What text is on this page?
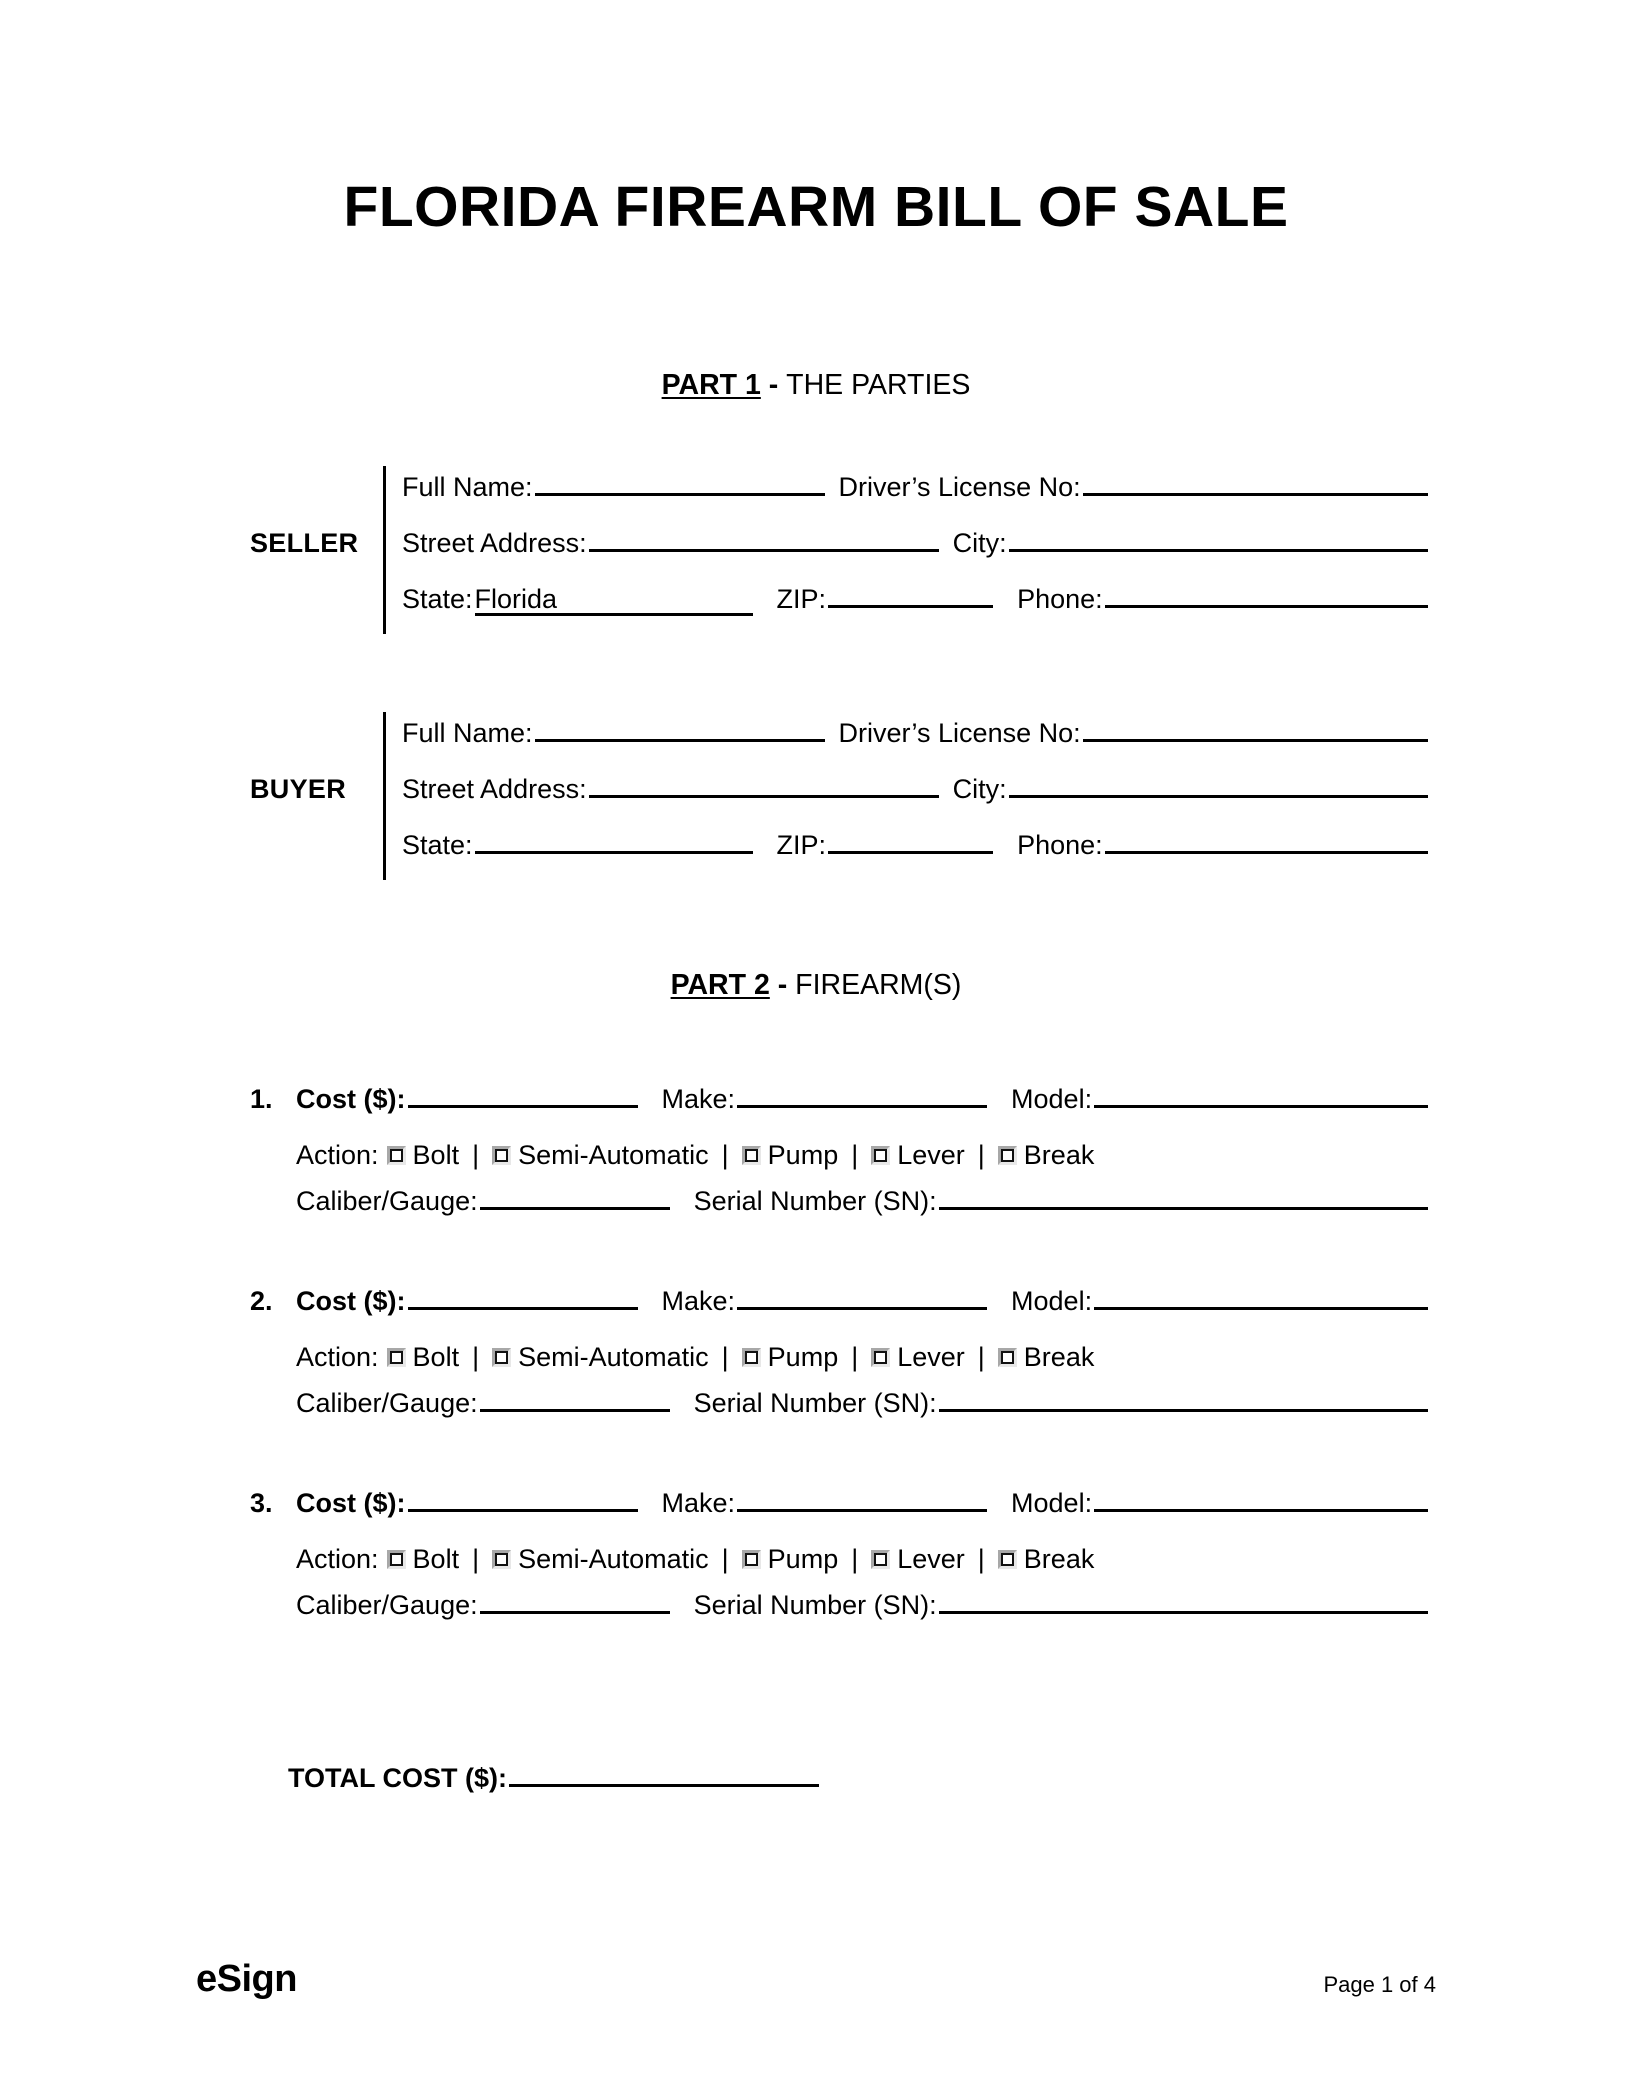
FLORIDA FIREARM BILL OF SALE
PART 1 - THE PARTIES
SELLER
Full Name:	Driver’s License No:
Street Address:	City:
State: Florida	ZIP:	Phone:
BUYER
Full Name:	Driver’s License No:
Street Address:	City:
State:	ZIP:	Phone:
PART 2 - FIREARM(S)
1. Cost ($):	Make:	Model:
Action: Bolt |	Semi-Automatic |	Pump |	Lever |	Break
Caliber/Gauge:	Serial Number (SN):
2. Cost ($):	Make:	Model:
Action: Bolt |	Semi-Automatic |	Pump |	Lever |	Break
Caliber/Gauge:	Serial Number (SN):
3. Cost ($):	Make:	Model:
Action: Bolt |	Semi-Automatic |	Pump |	Lever |	Break
Caliber/Gauge:	Serial Number (SN):
TOTAL COST ($):
eSign	Page 1 of 4
